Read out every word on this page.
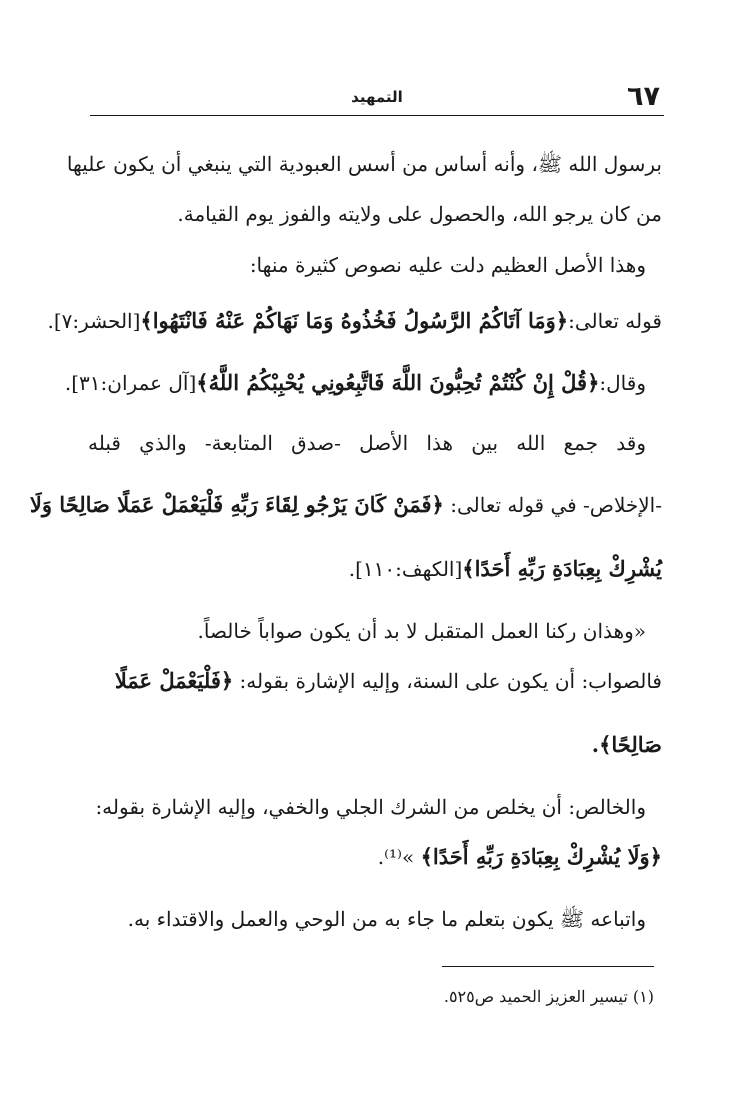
٦٧
التمهيد
برسول الله ﷺ، وأنه أساس من أسس العبودية التي ينبغي أن يكون عليها
من كان يرجو الله، والحصول على ولايته والفوز يوم القيامة.
وهذا الأصل العظيم دلت عليه نصوص كثيرة منها:
قوله تعالى:﴿وَمَا آتَاكُمُ الرَّسُولُ فَخُذُوهُ وَمَا نَهَاكُمْ عَنْهُ فَانْتَهُوا﴾[الحشر:٧].
وقال:﴿قُلْ إِنْ كُنْتُمْ تُحِبُّونَ اللَّهَ فَاتَّبِعُونِي يُحْبِبْكُمُ اللَّهُ﴾[آل عمران:٣١].
وقد جمع الله بين هذا الأصل -صدق المتابعة- والذي قبله
-الإخلاص- في قوله تعالى: ﴿فَمَنْ كَانَ يَرْجُو لِقَاءَ رَبِّهِ فَلْيَعْمَلْ عَمَلًا صَالِحًا وَلَا
يُشْرِكْ بِعِبَادَةِ رَبِّهِ أَحَدًا﴾[الكهف:١١٠].
«وهذان ركنا العمل المتقبل لا بد أن يكون صواباً خالصاً.
فالصواب: أن يكون على السنة، وإليه الإشارة بقوله: ﴿فَلْيَعْمَلْ عَمَلًا
صَالِحًا﴾.
والخالص: أن يخلص من الشرك الجلي والخفي، وإليه الإشارة بقوله:
﴿وَلَا يُشْرِكْ بِعِبَادَةِ رَبِّهِ أَحَدًا﴾ »⁽¹⁾.
واتباعه ﷺ يكون بتعلم ما جاء به من الوحي والعمل والاقتداء به.
(١) تيسير العزيز الحميد ص٥٢٥.
